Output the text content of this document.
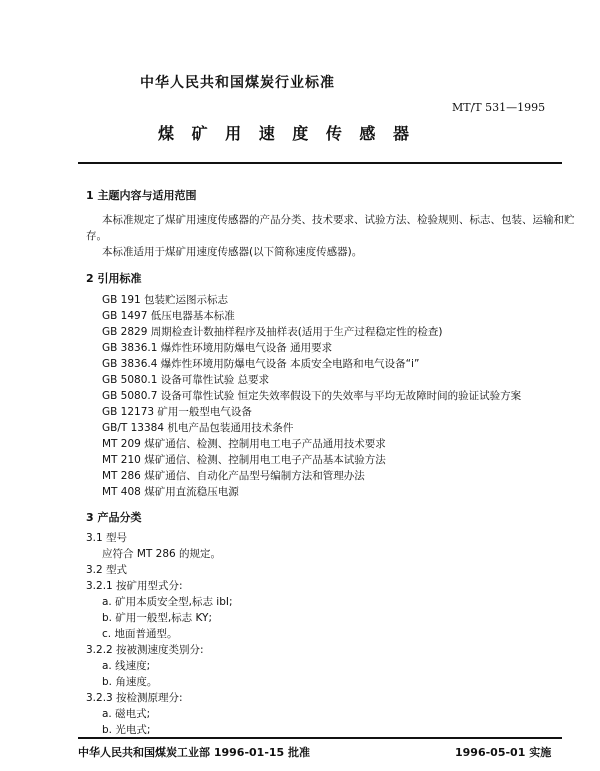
中华人民共和国煤炭行业标准
MT/T 531—1995
煤 矿 用 速 度 传 感 器
1 主题内容与适用范围
本标准规定了煤矿用速度传感器的产品分类、技术要求、试验方法、检验规则、标志、包装、运输和贮
存。
本标准适用于煤矿用速度传感器(以下简称速度传感器)。
2 引用标准
GB 191 包装贮运图示标志
GB 1497 低压电器基本标准
GB 2829 周期检查计数抽样程序及抽样表(适用于生产过程稳定性的检查)
GB 3836.1 爆炸性环境用防爆电气设备 通用要求
GB 3836.4 爆炸性环境用防爆电气设备 本质安全电路和电气设备“i”
GB 5080.1 设备可靠性试验 总要求
GB 5080.7 设备可靠性试验 恒定失效率假设下的失效率与平均无故障时间的验证试验方案
GB 12173 矿用一般型电气设备
GB/T 13384 机电产品包装通用技术条件
MT 209 煤矿通信、检测、控制用电工电子产品通用技术要求
MT 210 煤矿通信、检测、控制用电工电子产品基本试验方法
MT 286 煤矿通信、自动化产品型号编制方法和管理办法
MT 408 煤矿用直流稳压电源
3 产品分类
3.1 型号
应符合 MT 286 的规定。
3.2 型式
3.2.1 按矿用型式分:
a. 矿用本质安全型,标志 ibI;
b. 矿用一般型,标志 KY;
c. 地面普通型。
3.2.2 按被测速度类别分:
a. 线速度;
b. 角速度。
3.2.3 按检测原理分:
a. 磁电式;
b. 光电式;
中华人民共和国煤炭工业部 1996-01-15 批准	1996-05-01 实施
